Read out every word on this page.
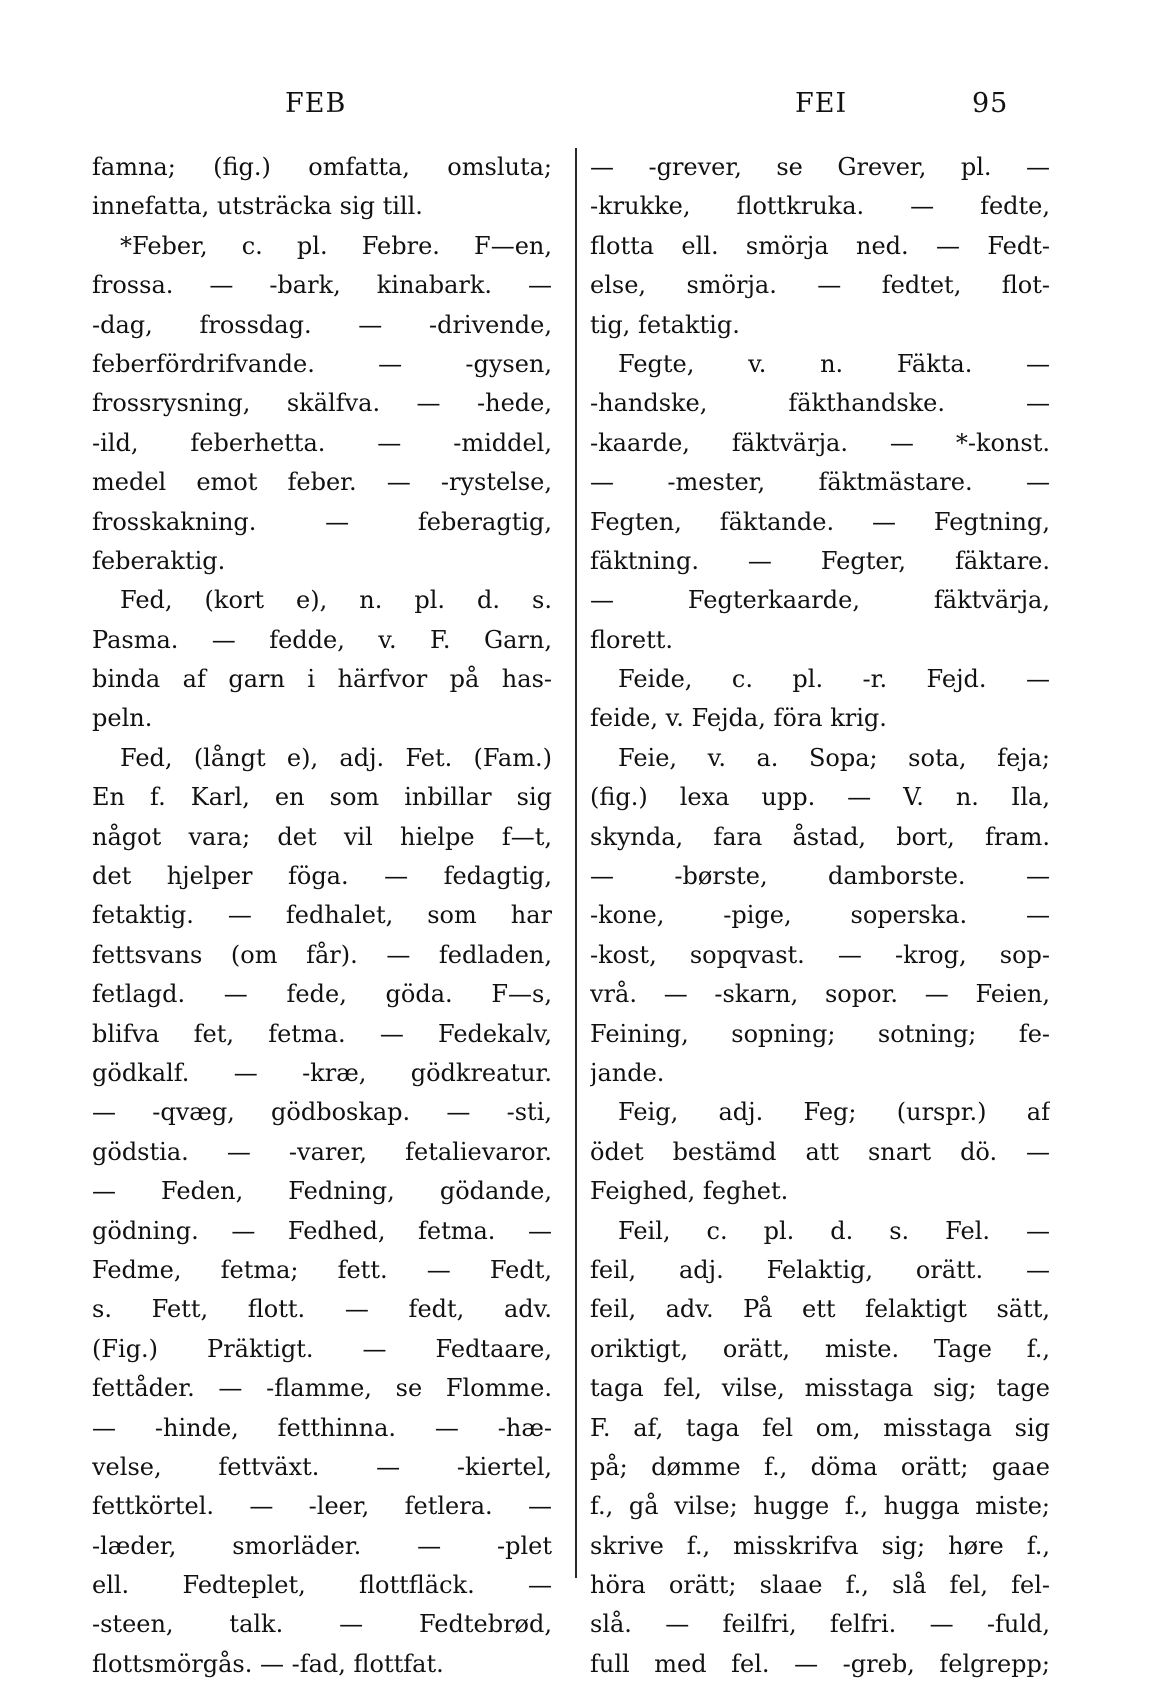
FEB	FEI	95
famna; (fig.) omfatta, omsluta;
innefatta, utsträcka sig till.
*Feber, c. pl. Febre. F—en,
frossa. — -bark, kinabark. —
-dag, frossdag. — -drivende,
feberfördrifvande. — -gysen,
frossrysning, skälfva. — -hede,
-ild, feberhetta. — -middel,
medel emot feber. — -rystelse,
frosskakning. — feberagtig,
feberaktig.
Fed, (kort e), n. pl. d. s.
Pasma. — fedde, v. F. Garn,
binda af garn i härfvor på has-
peln.
Fed, (långt e), adj. Fet. (Fam.)
En f. Karl, en som inbillar sig
något vara; det vil hielpe f—t,
det hjelper föga. — fedagtig,
fetaktig. — fedhalet, som har
fettsvans (om får). — fedladen,
fetlagd. — fede, göda. F—s,
blifva fet, fetma. — Fedekalv,
gödkalf. — -kræ, gödkreatur.
— -qvæg, gödboskap. — -sti,
gödstia. — -varer, fetalievaror.
— Feden, Fedning, gödande,
gödning. — Fedhed, fetma. —
Fedme, fetma; fett. — Fedt,
s. Fett, flott. — fedt, adv.
(Fig.) Präktigt. — Fedtaare,
fettåder. — -flamme, se Flomme.
— -hinde, fetthinna. — -hæ-
velse, fettväxt. — -kiertel,
fettkörtel. — -leer, fetlera. —
-læder, smorläder. — -plet
ell. Fedteplet, flottfläck. —
-steen, talk. — Fedtebrød,
flottsmörgås. — -fad, flottfat.
— -grever, se Grever, pl. —
-krukke, flottkruka. — fedte,
flotta ell. smörja ned. — Fedt-
else, smörja. — fedtet, flot-
tig, fetaktig.
Fegte, v. n. Fäkta. —
-handske, fäkthandske. —
-kaarde, fäktvärja. — *-konst.
— -mester, fäktmästare. —
Fegten, fäktande. — Fegtning,
fäktning. — Fegter, fäktare.
— Fegterkaarde, fäktvärja,
florett.
Feide, c. pl. -r. Fejd. —
feide, v. Fejda, föra krig.
Feie, v. a. Sopa; sota, feja;
(fig.) lexa upp. — V. n. Ila,
skynda, fara åstad, bort, fram.
— -børste, damborste. —
-kone, -pige, soperska. —
-kost, sopqvast. — -krog, sop-
vrå. — -skarn, sopor. — Feien,
Feining, sopning; sotning; fe-
jande.
Feig, adj. Feg; (urspr.) af
ödet bestämd att snart dö. —
Feighed, feghet.
Feil, c. pl. d. s. Fel. —
feil, adj. Felaktig, orätt. —
feil, adv. På ett felaktigt sätt,
oriktigt, orätt, miste. Tage f.,
taga fel, vilse, misstaga sig; tage
F. af, taga fel om, misstaga sig
på; dømme f., döma orätt; gaae
f., gå vilse; hugge f., hugga miste;
skrive f., misskrifva sig; høre f.,
höra orätt; slaae f., slå fel, fel-
slå. — feilfri, felfri. — -fuld,
full med fel. — -greb, felgrepp;
